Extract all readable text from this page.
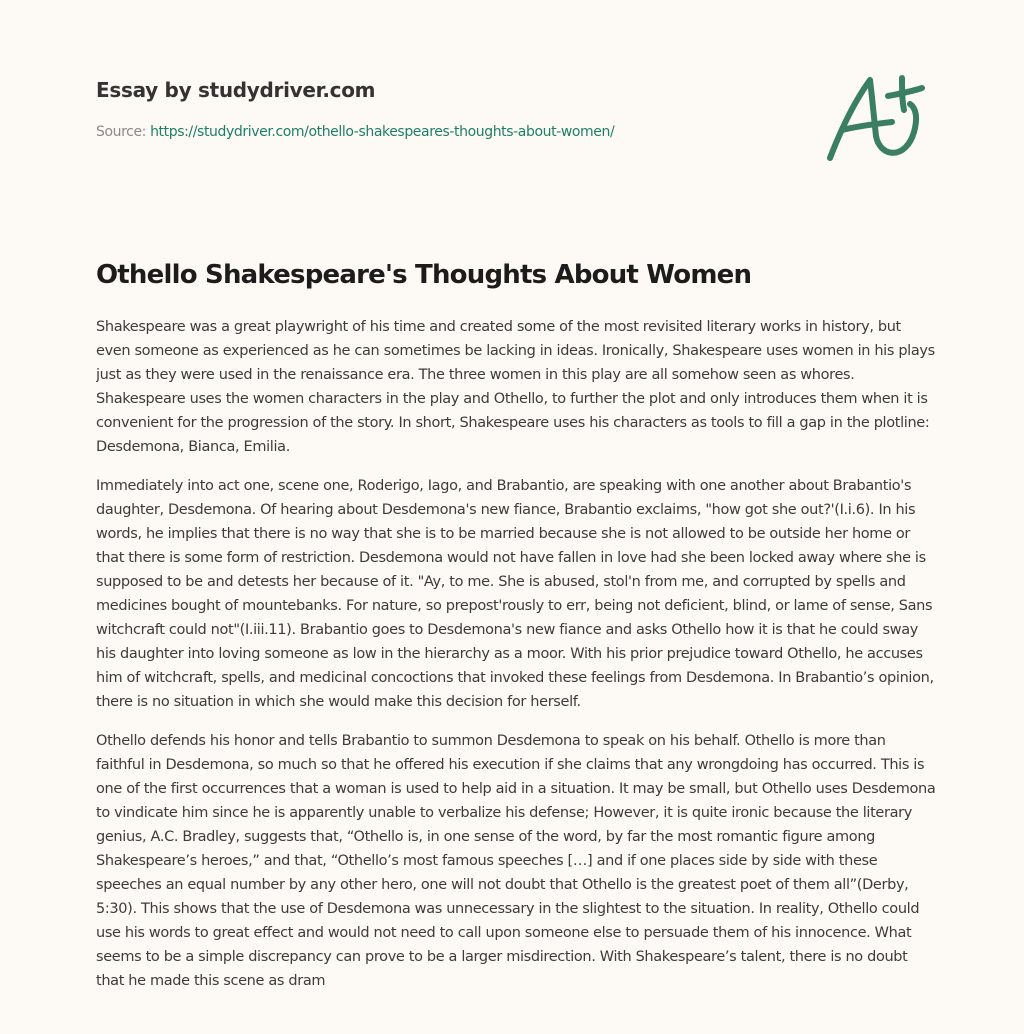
Essay by studydriver.com
Source: https://studydriver.com/othello-shakespeares-thoughts-about-women/
Othello Shakespeare's Thoughts About Women

Shakespeare was a great playwright of his time and created some of the most revisited literary works in history, but even someone as experienced as he can sometimes be lacking in ideas. Ironically, Shakespeare uses women in his plays just as they were used in the renaissance era. The three women in this play are all somehow seen as whores. Shakespeare uses the women characters in the play and Othello, to further the plot and only introduces them when it is convenient for the progression of the story. In short, Shakespeare uses his characters as tools to fill a gap in the plotline: Desdemona, Bianca, Emilia.

Immediately into act one, scene one, Roderigo, Iago, and Brabantio, are speaking with one another about Brabantio's daughter, Desdemona. Of hearing about Desdemona's new fiance, Brabantio exclaims, "how got she out?'(I.i.6). In his words, he implies that there is no way that she is to be married because she is not allowed to be outside her home or that there is some form of restriction. Desdemona would not have fallen in love had she been locked away where she is supposed to be and detests her because of it. "Ay, to me. She is abused, stol'n from me, and corrupted by spells and medicines bought of mountebanks. For nature, so prepost'rously to err, being not deficient, blind, or lame of sense, Sans witchcraft could not"(I.iii.11). Brabantio goes to Desdemona's new fiance and asks Othello how it is that he could sway his daughter into loving someone as low in the hierarchy as a moor. With his prior prejudice toward Othello, he accuses him of witchcraft, spells, and medicinal concoctions that invoked these feelings from Desdemona. In Brabantio’s opinion, there is no situation in which she would make this decision for herself.

Othello defends his honor and tells Brabantio to summon Desdemona to speak on his behalf. Othello is more than faithful in Desdemona, so much so that he offered his execution if she claims that any wrongdoing has occurred. This is one of the first occurrences that a woman is used to help aid in a situation. It may be small, but Othello uses Desdemona to vindicate him since he is apparently unable to verbalize his defense; However, it is quite ironic because the literary genius, A.C. Bradley, suggests that, “Othello is, in one sense of the word, by far the most romantic figure among Shakespeare’s heroes,” and that, “Othello’s most famous speeches […] and if one places side by side with these speeches an equal number by any other hero, one will not doubt that Othello is the greatest poet of them all”(Derby, 5:30). This shows that the use of Desdemona was unnecessary in the slightest to the situation. In reality, Othello could use his words to great effect and would not need to call upon someone else to persuade them of his innocence. What seems to be a simple discrepancy can prove to be a larger misdirection. With Shakespeare’s talent, there is no doubt that he made this scene as dram
